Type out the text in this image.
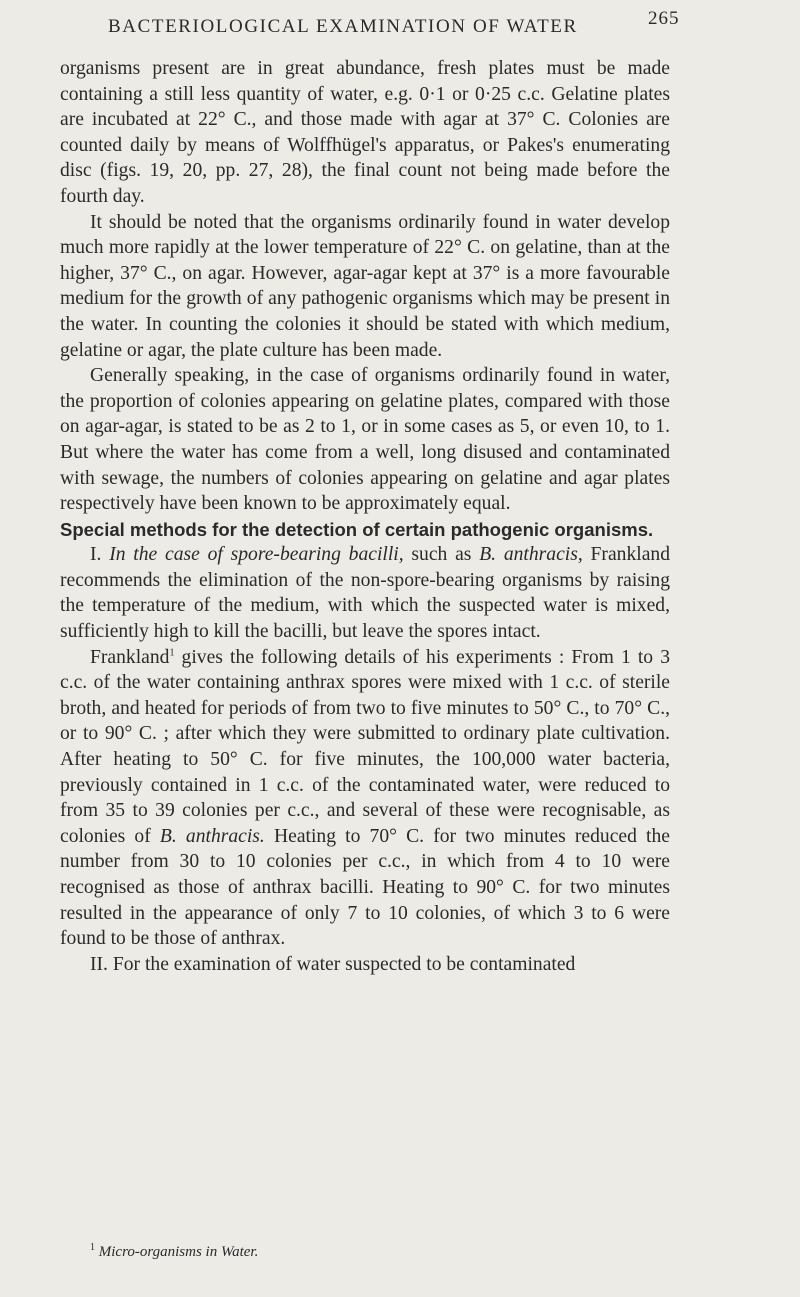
BACTERIOLOGICAL EXAMINATION OF WATER	265

organisms present are in great abundance, fresh plates must be made containing a still less quantity of water, e.g. 0·1 or 0·25 c.c. Gelatine plates are incubated at 22° C., and those made with agar at 37° C. Colonies are counted daily by means of Wolffhügel's apparatus, or Pakes's enumerating disc (figs. 19, 20, pp. 27, 28), the final count not being made before the fourth day.

It should be noted that the organisms ordinarily found in water develop much more rapidly at the lower temperature of 22° C. on gelatine, than at the higher, 37° C., on agar. However, agar-agar kept at 37° is a more favourable medium for the growth of any pathogenic organisms which may be present in the water. In counting the colonies it should be stated with which medium, gelatine or agar, the plate culture has been made.

Generally speaking, in the case of organisms ordinarily found in water, the proportion of colonies appearing on gelatine plates, compared with those on agar-agar, is stated to be as 2 to 1, or in some cases as 5, or even 10, to 1. But where the water has come from a well, long disused and contaminated with sewage, the numbers of colonies appearing on gelatine and agar plates respectively have been known to be approximately equal.

Special methods for the detection of certain pathogenic organisms.

I. In the case of spore-bearing bacilli, such as B. anthracis, Frankland recommends the elimination of the non-spore-bearing organisms by raising the temperature of the medium, with which the suspected water is mixed, sufficiently high to kill the bacilli, but leave the spores intact.

Frankland$^1$ gives the following details of his experiments : From 1 to 3 c.c. of the water containing anthrax spores were mixed with 1 c.c. of sterile broth, and heated for periods of from two to five minutes to 50° C., to 70° C., or to 90° C. ; after which they were submitted to ordinary plate cultivation. After heating to 50° C. for five minutes, the 100,000 water bacteria, previously contained in 1 c.c. of the contaminated water, were reduced to from 35 to 39 colonies per c.c., and several of these were recognisable, as colonies of B. anthracis. Heating to 70° C. for two minutes reduced the number from 30 to 10 colonies per c.c., in which from 4 to 10 were recognised as those of anthrax bacilli. Heating to 90° C. for two minutes resulted in the appearance of only 7 to 10 colonies, of which 3 to 6 were found to be those of anthrax.

II. For the examination of water suspected to be contaminated

$^1$ Micro-organisms in Water.
